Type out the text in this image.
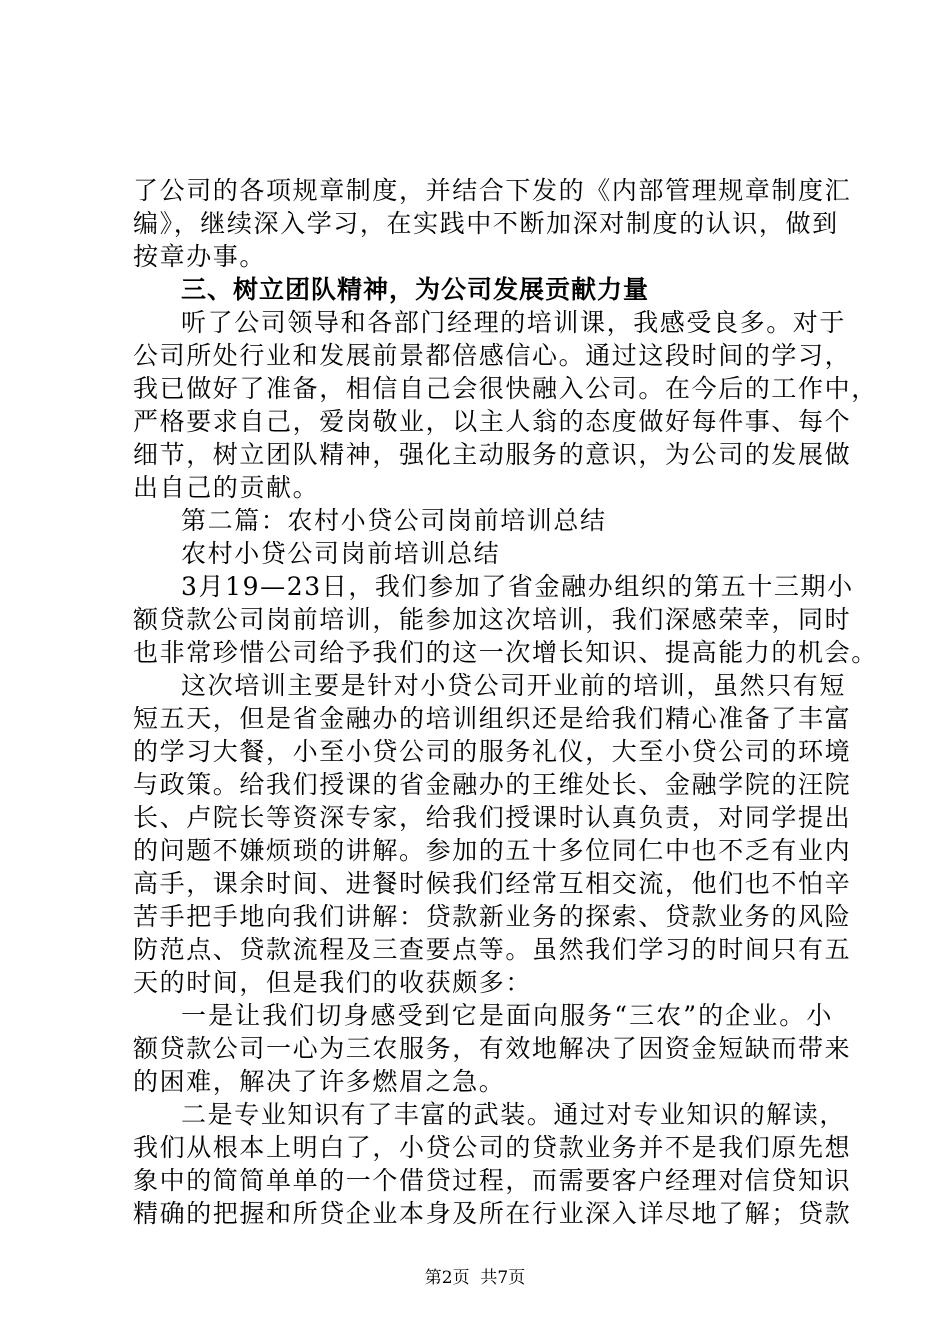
了公司的各项规章制度，并结合下发的《内部管理规章制度汇
编》，继续深入学习，在实践中不断加深对制度的认识，做到
按章办事。
三、树立团队精神，为公司发展贡献力量
听了公司领导和各部门经理的培训课，我感受良多。对于
公司所处行业和发展前景都倍感信心。通过这段时间的学习，
我已做好了准备，相信自己会很快融入公司。在今后的工作中，
严格要求自己，爱岗敬业，以主人翁的态度做好每件事、每个
细节，树立团队精神，强化主动服务的意识，为公司的发展做
出自己的贡献。
第二篇：农村小贷公司岗前培训总结
农村小贷公司岗前培训总结
3月19—23日，我们参加了省金融办组织的第五十三期小
额贷款公司岗前培训，能参加这次培训，我们深感荣幸，同时
也非常珍惜公司给予我们的这一次增长知识、提高能力的机会。
这次培训主要是针对小贷公司开业前的培训，虽然只有短
短五天，但是省金融办的培训组织还是给我们精心准备了丰富
的学习大餐，小至小贷公司的服务礼仪，大至小贷公司的环境
与政策。给我们授课的省金融办的王维处长、金融学院的汪院
长、卢院长等资深专家，给我们授课时认真负责，对同学提出
的问题不嫌烦琐的讲解。参加的五十多位同仁中也不乏有业内
高手，课余时间、进餐时候我们经常互相交流，他们也不怕辛
苦手把手地向我们讲解：贷款新业务的探索、贷款业务的风险
防范点、贷款流程及三查要点等。虽然我们学习的时间只有五
天的时间，但是我们的收获颇多：
一是让我们切身感受到它是面向服务“三农”的企业。小
额贷款公司一心为三农服务，有效地解决了因资金短缺而带来
的困难，解决了许多燃眉之急。
二是专业知识有了丰富的武装。通过对专业知识的解读，
我们从根本上明白了，小贷公司的贷款业务并不是我们原先想
象中的简简单单的一个借贷过程，而需要客户经理对信贷知识
精确的把握和所贷企业本身及所在行业深入详尽地了解；贷款
第2页 共7页
